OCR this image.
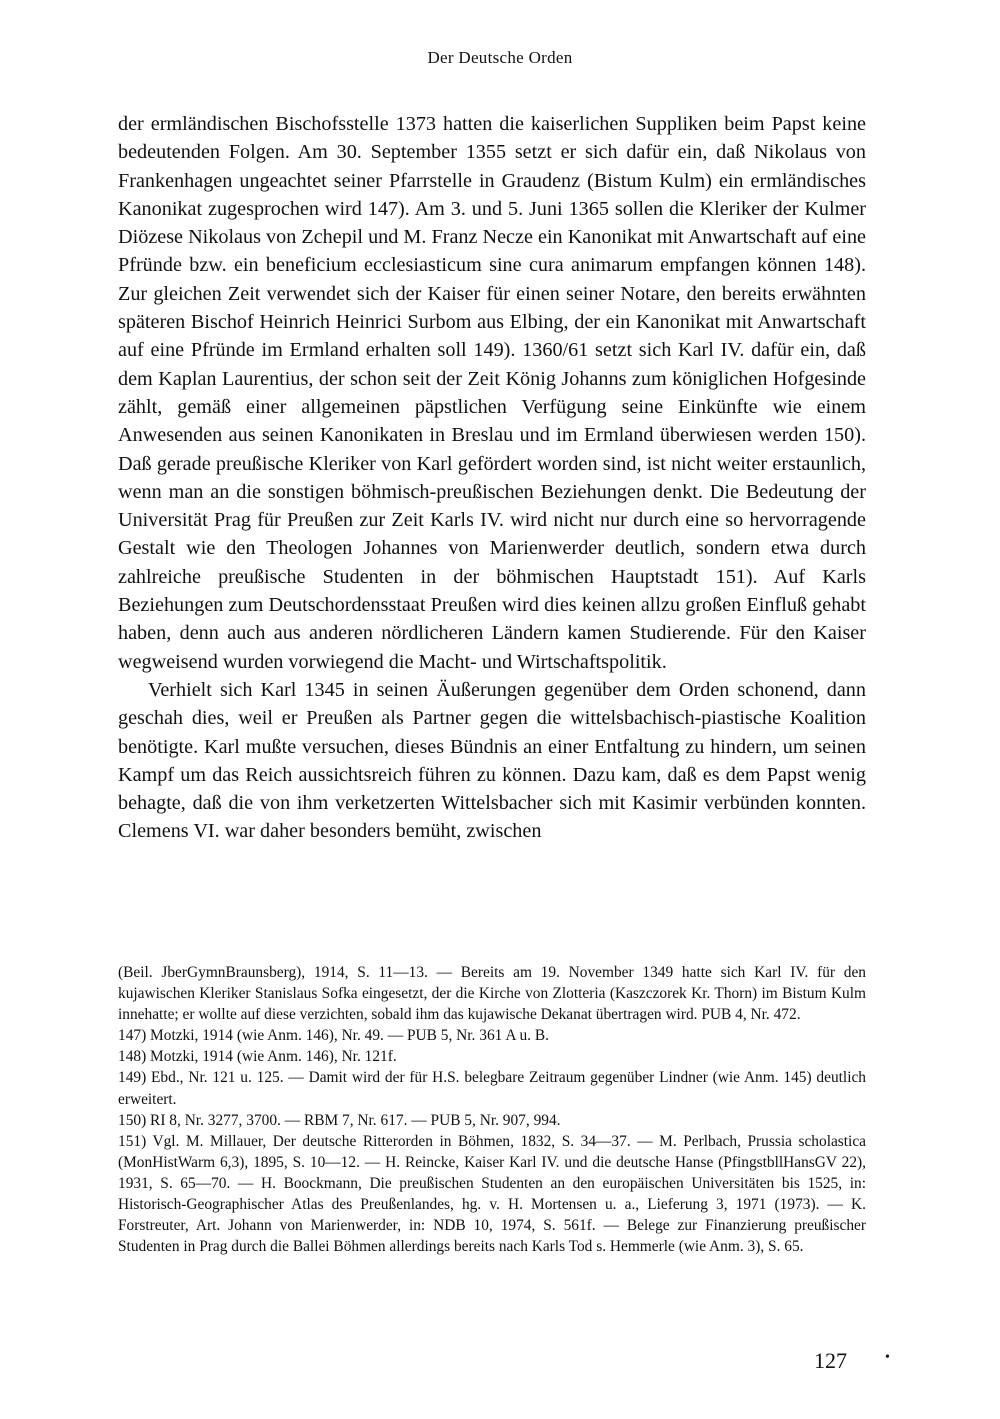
Der Deutsche Orden

der ermländischen Bischofsstelle 1373 hatten die kaiserlichen Suppliken beim Papst keine bedeutenden Folgen. Am 30. September 1355 setzt er sich dafür ein, daß Nikolaus von Frankenhagen ungeachtet seiner Pfarrstelle in Graudenz (Bistum Kulm) ein ermländisches Kanonikat zugesprochen wird 147). Am 3. und 5. Juni 1365 sollen die Kleriker der Kulmer Diözese Nikolaus von Zchepil und M. Franz Necze ein Kanonikat mit Anwartschaft auf eine Pfründe bzw. ein beneficium ecclesiasticum sine cura animarum empfangen können 148). Zur gleichen Zeit verwendet sich der Kaiser für einen seiner Notare, den bereits erwähnten späteren Bischof Heinrich Heinrici Surbom aus Elbing, der ein Kanonikat mit Anwartschaft auf eine Pfründe im Ermland erhalten soll 149). 1360/61 setzt sich Karl IV. dafür ein, daß dem Kaplan Laurentius, der schon seit der Zeit König Johanns zum königlichen Hofgesinde zählt, gemäß einer allgemeinen päpstlichen Verfügung seine Einkünfte wie einem Anwesenden aus seinen Kanonikaten in Breslau und im Ermland überwiesen werden 150). Daß gerade preußische Kleriker von Karl gefördert worden sind, ist nicht weiter erstaunlich, wenn man an die sonstigen böhmisch-preußischen Beziehungen denkt. Die Bedeutung der Universität Prag für Preußen zur Zeit Karls IV. wird nicht nur durch eine so hervorragende Gestalt wie den Theologen Johannes von Marienwerder deutlich, sondern etwa durch zahlreiche preußische Studenten in der böhmischen Hauptstadt 151). Auf Karls Beziehungen zum Deutschordensstaat Preußen wird dies keinen allzu großen Einfluß gehabt haben, denn auch aus anderen nördlicheren Ländern kamen Studierende. Für den Kaiser wegweisend wurden vorwiegend die Macht- und Wirtschaftspolitik.

Verhielt sich Karl 1345 in seinen Äußerungen gegenüber dem Orden schonend, dann geschah dies, weil er Preußen als Partner gegen die wittelsbachisch-piastische Koalition benötigte. Karl mußte versuchen, dieses Bündnis an einer Entfaltung zu hindern, um seinen Kampf um das Reich aussichtsreich führen zu können. Dazu kam, daß es dem Papst wenig behagte, daß die von ihm verketzerten Wittelsbacher sich mit Kasimir verbünden konnten. Clemens VI. war daher besonders bemüht, zwischen

(Beil. JberGymnBraunsberg), 1914, S. 11—13. — Bereits am 19. November 1349 hatte sich Karl IV. für den kujawischen Kleriker Stanislaus Sofka eingesetzt, der die Kirche von Zlotteria (Kaszczorek Kr. Thorn) im Bistum Kulm innehatte; er wollte auf diese verzichten, sobald ihm das kujawische Dekanat übertragen wird. PUB 4, Nr. 472.

147) Motzki, 1914 (wie Anm. 146), Nr. 49. — PUB 5, Nr. 361 A u. B.

148) Motzki, 1914 (wie Anm. 146), Nr. 121f.

149) Ebd., Nr. 121 u. 125. — Damit wird der für H.S. belegbare Zeitraum gegenüber Lindner (wie Anm. 145) deutlich erweitert.

150) RI 8, Nr. 3277, 3700. — RBM 7, Nr. 617. — PUB 5, Nr. 907, 994.

151) Vgl. M. Millauer, Der deutsche Ritterorden in Böhmen, 1832, S. 34—37. — M. Perlbach, Prussia scholastica (MonHistWarm 6,3), 1895, S. 10—12. — H. Reincke, Kaiser Karl IV. und die deutsche Hanse (PfingstbllHansGV 22), 1931, S. 65—70. — H. Boockmann, Die preußischen Studenten an den europäischen Universitäten bis 1525, in: Historisch-Geographischer Atlas des Preußenlandes, hg. v. H. Mortensen u. a., Lieferung 3, 1971 (1973). — K. Forstreuter, Art. Johann von Marienwerder, in: NDB 10, 1974, S. 561f. — Belege zur Finanzierung preußischer Studenten in Prag durch die Ballei Böhmen allerdings bereits nach Karls Tod s. Hemmerle (wie Anm. 3), S. 65.

127	•
